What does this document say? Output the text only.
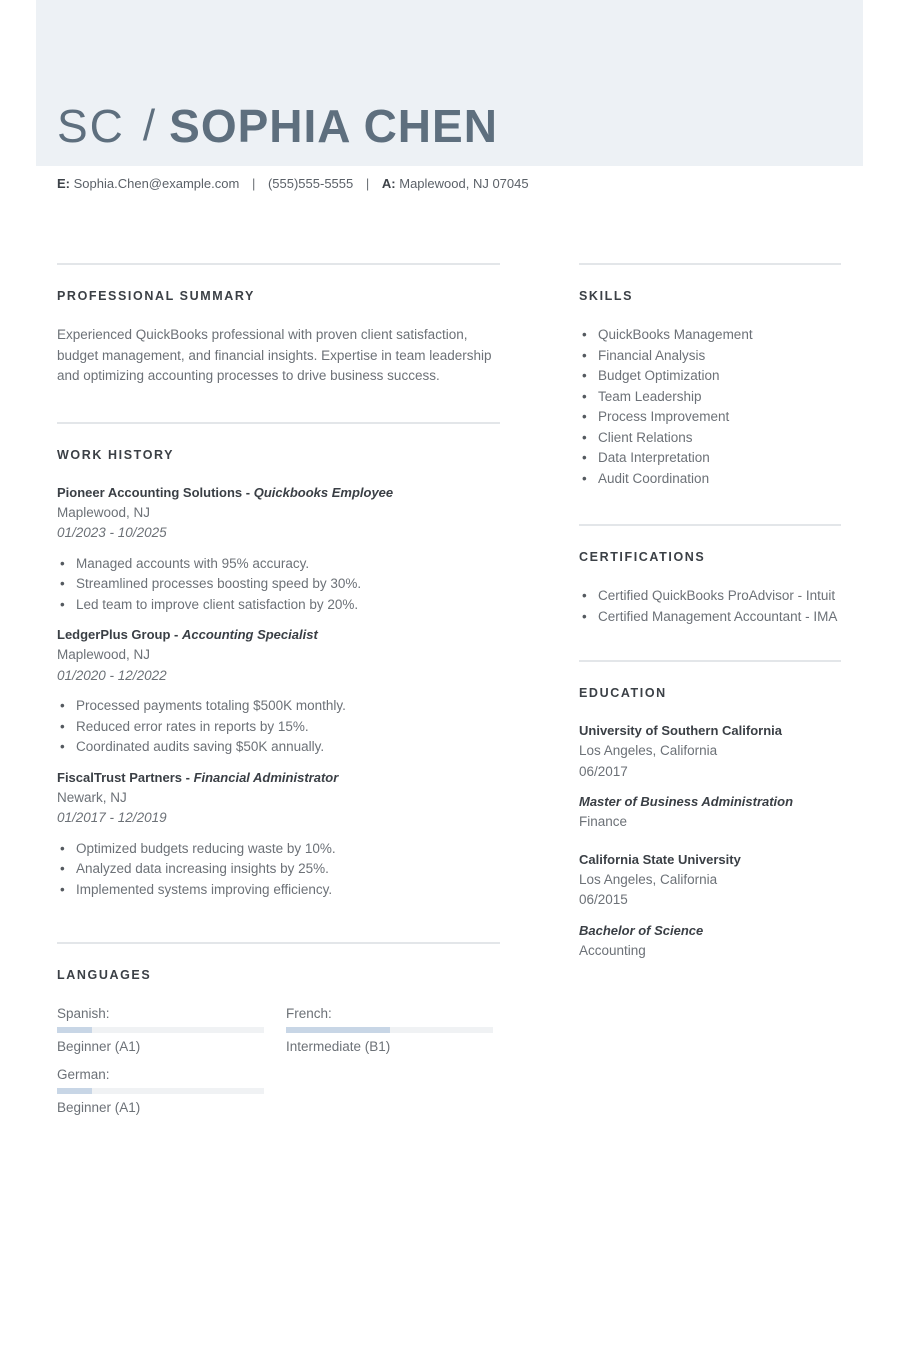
SC / SOPHIA CHEN
E: Sophia.Chen@example.com | (555)555-5555 | A: Maplewood, NJ 07045
PROFESSIONAL SUMMARY
Experienced QuickBooks professional with proven client satisfaction, budget management, and financial insights. Expertise in team leadership and optimizing accounting processes to drive business success.
WORK HISTORY
Pioneer Accounting Solutions - Quickbooks Employee
Maplewood, NJ
01/2023 - 10/2025
• Managed accounts with 95% accuracy.
• Streamlined processes boosting speed by 30%.
• Led team to improve client satisfaction by 20%.
LedgerPlus Group - Accounting Specialist
Maplewood, NJ
01/2020 - 12/2022
• Processed payments totaling $500K monthly.
• Reduced error rates in reports by 15%.
• Coordinated audits saving $50K annually.
FiscalTrust Partners - Financial Administrator
Newark, NJ
01/2017 - 12/2019
• Optimized budgets reducing waste by 10%.
• Analyzed data increasing insights by 25%.
• Implemented systems improving efficiency.
LANGUAGES
Spanish:
Beginner (A1)
French:
Intermediate (B1)
German:
Beginner (A1)
SKILLS
• QuickBooks Management
• Financial Analysis
• Budget Optimization
• Team Leadership
• Process Improvement
• Client Relations
• Data Interpretation
• Audit Coordination
CERTIFICATIONS
• Certified QuickBooks ProAdvisor - Intuit
• Certified Management Accountant - IMA
EDUCATION
University of Southern California
Los Angeles, California
06/2017
Master of Business Administration
Finance
California State University
Los Angeles, California
06/2015
Bachelor of Science
Accounting
